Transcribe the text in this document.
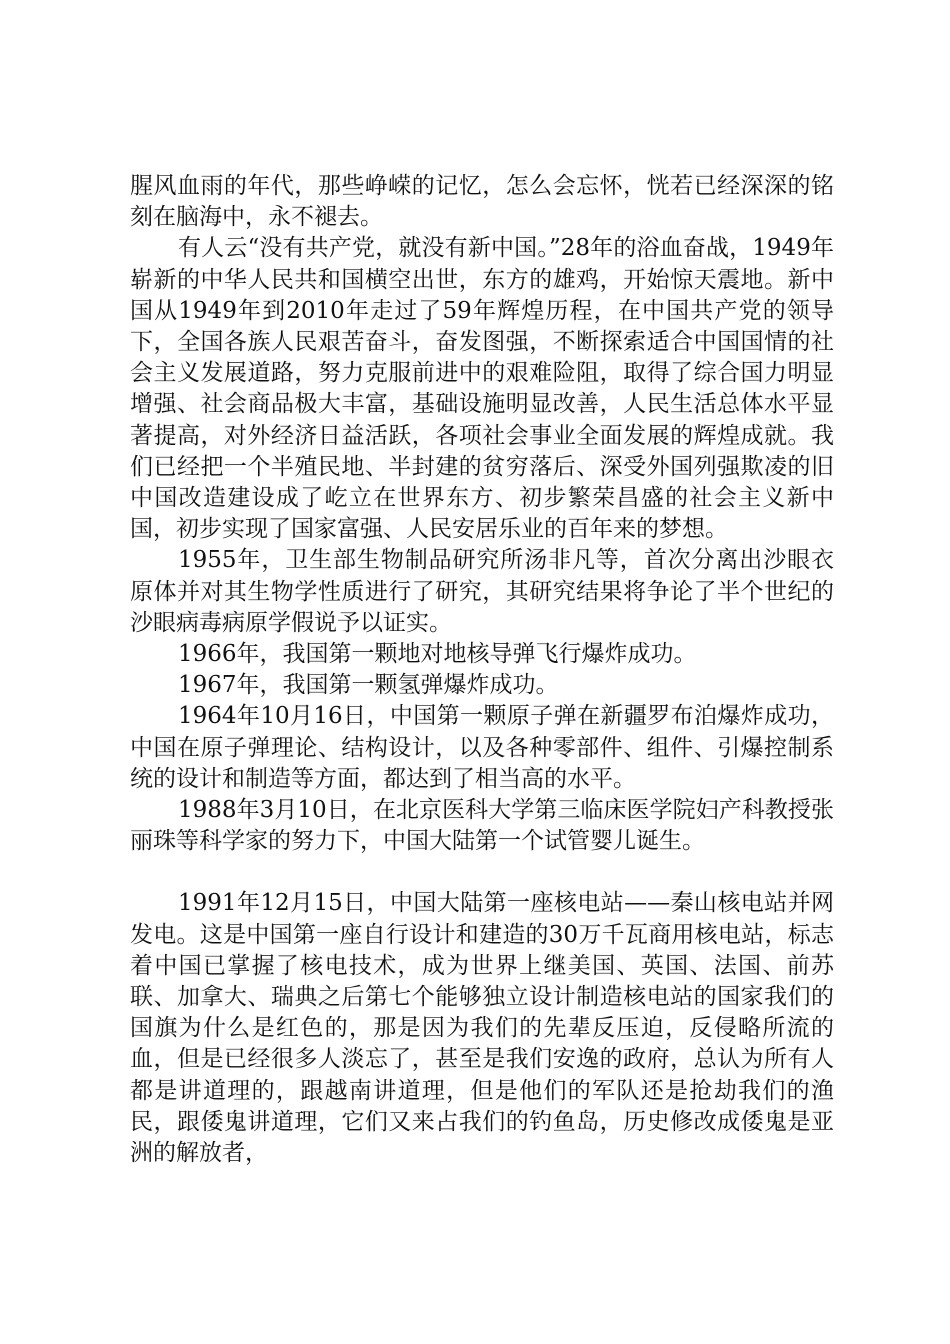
腥风血雨的年代，那些峥嵘的记忆，怎么会忘怀，恍若已经深深的铭刻在脑海中，永不褪去。

有人云“没有共产党，就没有新中国。”28年的浴血奋战，1949年崭新的中华人民共和国横空出世，东方的雄鸡，开始惊天震地。新中国从1949年到2010年走过了59年辉煌历程，在中国共产党的领导下，全国各族人民艰苦奋斗，奋发图强，不断探索适合中国国情的社会主义发展道路，努力克服前进中的艰难险阻，取得了综合国力明显增强、社会商品极大丰富，基础设施明显改善，人民生活总体水平显著提高，对外经济日益活跃，各项社会事业全面发展的辉煌成就。我们已经把一个半殖民地、半封建的贫穷落后、深受外国列强欺凌的旧中国改造建设成了屹立在世界东方、初步繁荣昌盛的社会主义新中国，初步实现了国家富强、人民安居乐业的百年来的梦想。

1955年，卫生部生物制品研究所汤非凡等，首次分离出沙眼衣原体并对其生物学性质进行了研究，其研究结果将争论了半个世纪的沙眼病毒病原学假说予以证实。

1966年，我国第一颗地对地核导弹飞行爆炸成功。

1967年，我国第一颗氢弹爆炸成功。

1964年10月16日，中国第一颗原子弹在新疆罗布泊爆炸成功，中国在原子弹理论、结构设计，以及各种零部件、组件、引爆控制系统的设计和制造等方面，都达到了相当高的水平。

1988年3月10日，在北京医科大学第三临床医学院妇产科教授张丽珠等科学家的努力下，中国大陆第一个试管婴儿诞生。

1991年12月15日，中国大陆第一座核电站——秦山核电站并网发电。这是中国第一座自行设计和建造的30万千瓦商用核电站，标志着中国已掌握了核电技术，成为世界上继美国、英国、法国、前苏联、加拿大、瑞典之后第七个能够独立设计制造核电站的国家我们的国旗为什么是红色的，那是因为我们的先辈反压迫，反侵略所流的血，但是已经很多人淡忘了，甚至是我们安逸的政府，总认为所有人都是讲道理的，跟越南讲道理，但是他们的军队还是抢劫我们的渔民，跟倭鬼讲道理，它们又来占我们的钓鱼岛，历史修改成倭鬼是亚洲的解放者，
